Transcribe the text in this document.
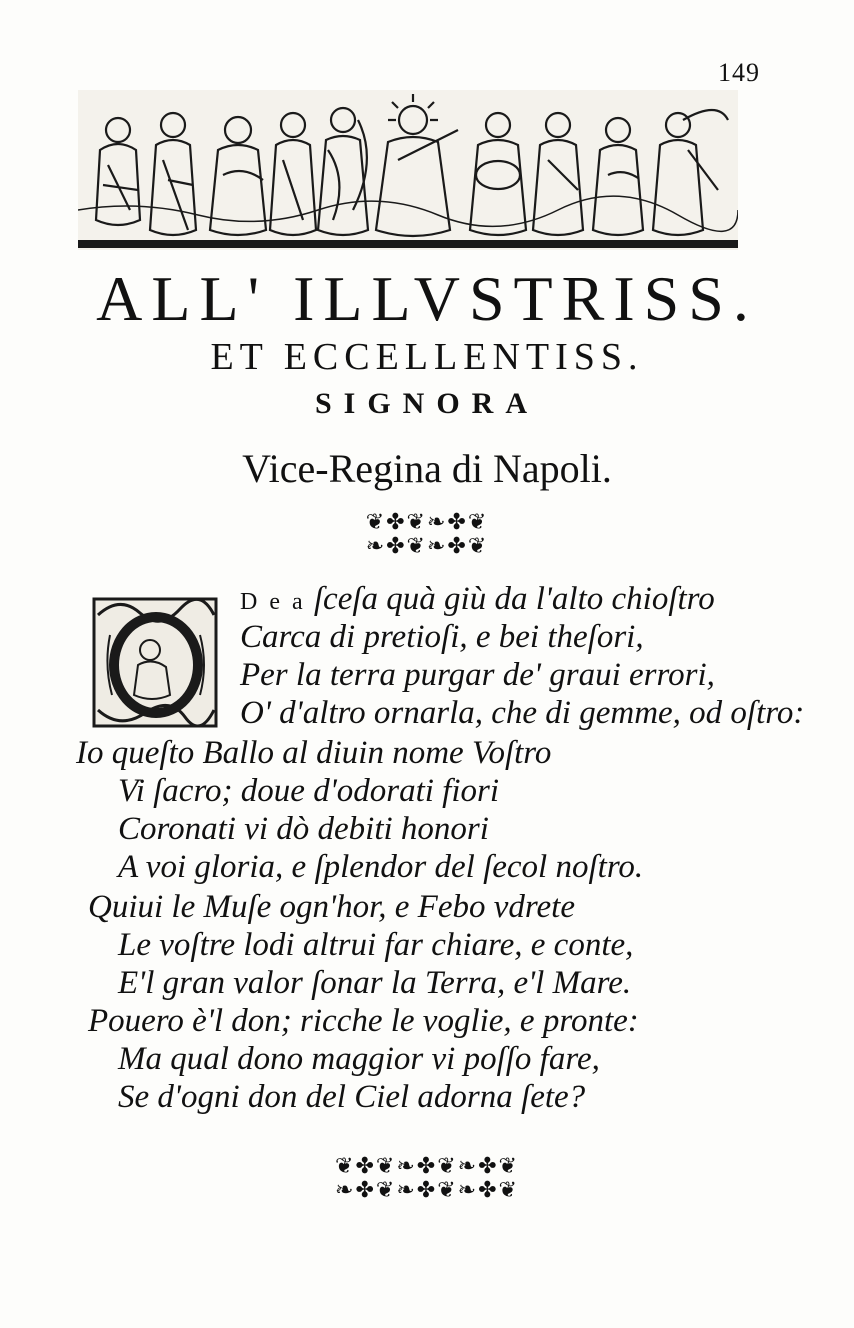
149
ALL' ILLVSTRISS.
ET ECCELLENTISS.
SIGNORA
Vice-Regina di Napoli.
❦✤❦❧✤❦
❧✤❦❧✤❦
D e a ſceſa quà giù da l'alto chioſtro
Carca di pretioſi, e bei theſori,
Per la terra purgar de' graui errori,
O' d'altro ornarla, che di gemme, od oſtro:
Io queſto Ballo al diuin nome Voſtro
Vi ſacro; doue d'odorati fiori
Coronati vi dò debiti honori
A voi gloria, e ſplendor del ſecol noſtro.
Quiui le Muſe ogn'hor, e Febo vdrete
Le voſtre lodi altrui far chiare, e conte,
E'l gran valor ſonar la Terra, e'l Mare.
Pouero è'l don; ricche le voglie, e pronte:
Ma qual dono maggior vi poſſo fare,
Se d'ogni don del Ciel adorna ſete?
❦✤❦❧✤❦❧✤❦
❧✤❦❧✤❦❧✤❦
